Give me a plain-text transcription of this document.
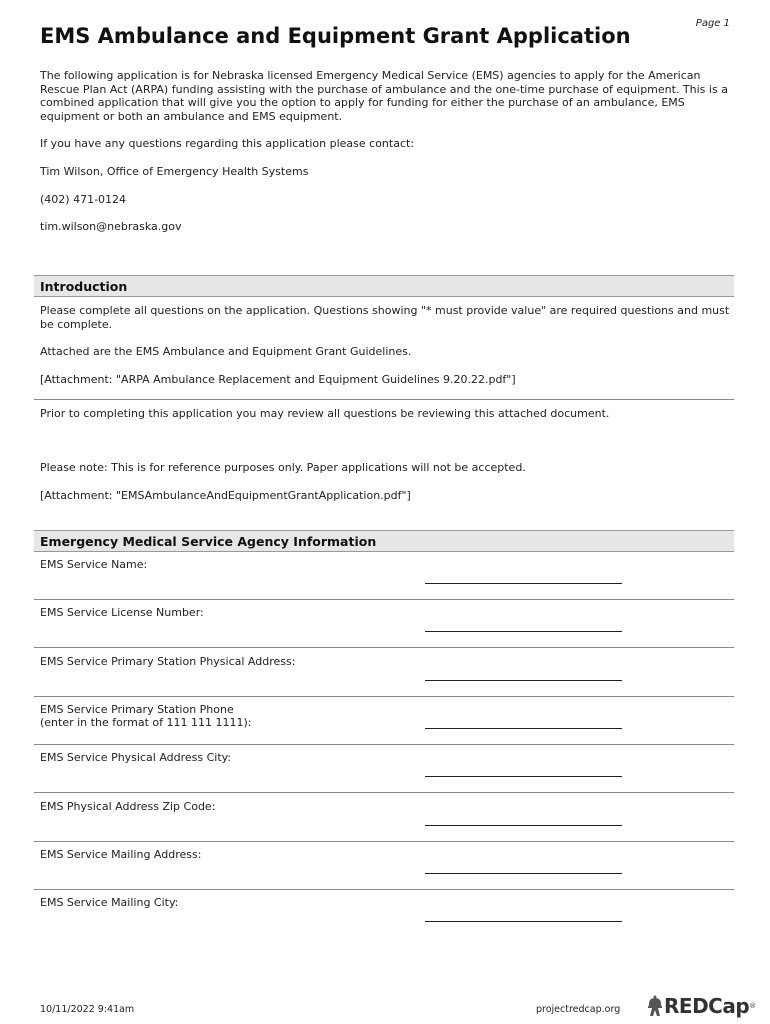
Page 1
EMS Ambulance and Equipment Grant Application

The following application is for Nebraska licensed Emergency Medical Service (EMS) agencies to apply for the American Rescue Plan Act (ARPA) funding assisting with the purchase of ambulance and the one-time purchase of equipment. This is a combined application that will give you the option to apply for funding for either the purchase of an ambulance, EMS equipment or both an ambulance and EMS equipment.

If you have any questions regarding this application please contact:

Tim Wilson, Office of Emergency Health Systems

(402) 471-0124

tim.wilson@nebraska.gov

Introduction

Please complete all questions on the application. Questions showing "* must provide value" are required questions and must be complete.

Attached are the EMS Ambulance and Equipment Grant Guidelines.

[Attachment: "ARPA Ambulance Replacement and Equipment Guidelines 9.20.22.pdf"]

Prior to completing this application you may review all questions be reviewing this attached document.

Please note: This is for reference purposes only. Paper applications will not be accepted.

[Attachment: "EMSAmbulanceAndEquipmentGrantApplication.pdf"]

Emergency Medical Service Agency Information
EMS Service Name:
EMS Service License Number:
EMS Service Primary Station Physical Address:
EMS Service Primary Station Phone
(enter in the format of 111 111 1111):
EMS Service Physical Address City:
EMS Physical Address Zip Code:
EMS Service Mailing Address:
EMS Service Mailing City:
10/11/2022 9:41am	projectredcap.org REDCap ®
